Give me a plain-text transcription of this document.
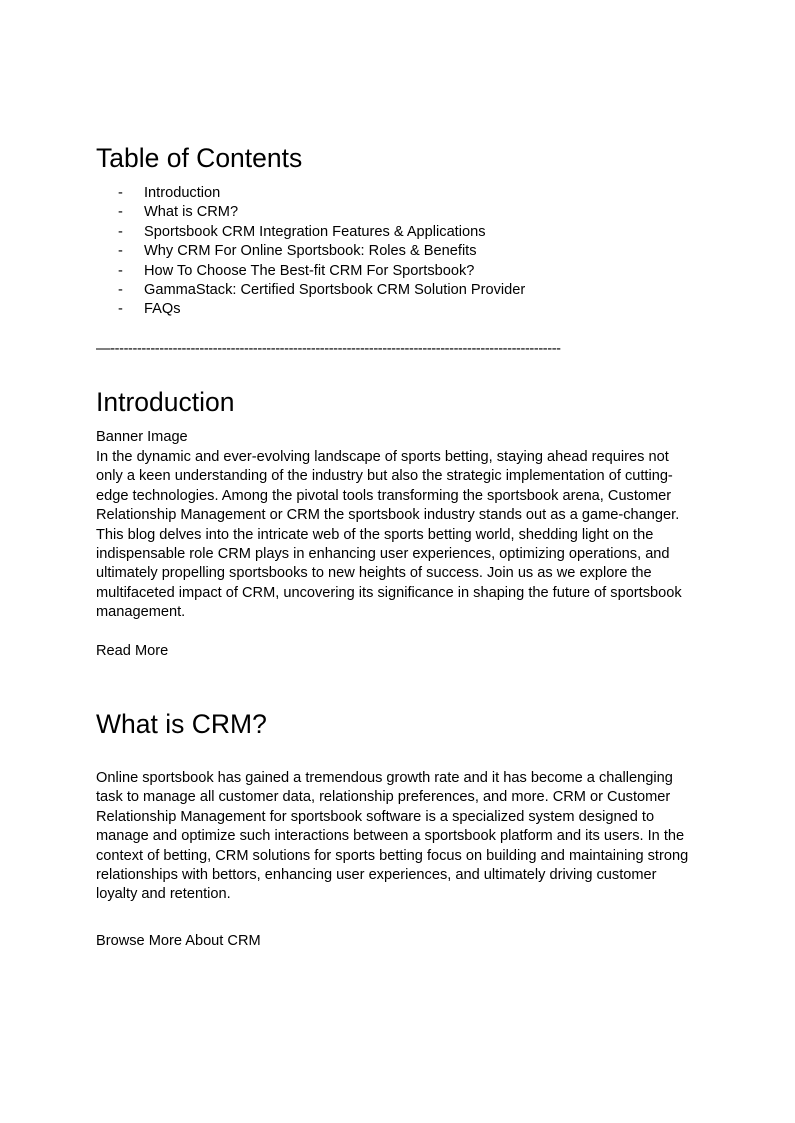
Table of Contents
-	Introduction
-	What is CRM?
-	Sportsbook CRM Integration Features & Applications
-	Why CRM For Online Sportsbook: Roles & Benefits
-	How To Choose The Best-fit CRM For Sportsbook?
-	GammaStack: Certified Sportsbook CRM Solution Provider
-	FAQs
—-----------------------------------------------------------------------------------------------------
Introduction

Banner Image

In the dynamic and ever-evolving landscape of sports betting, staying ahead requires not only a keen understanding of the industry but also the strategic implementation of cutting-edge technologies. Among the pivotal tools transforming the sportsbook arena, Customer Relationship Management or CRM the sportsbook industry stands out as a game-changer. This blog delves into the intricate web of the sports betting world, shedding light on the indispensable role CRM plays in enhancing user experiences, optimizing operations, and ultimately propelling sportsbooks to new heights of success. Join us as we explore the multifaceted impact of CRM, uncovering its significance in shaping the future of sportsbook management.

Read More

What is CRM?

Online sportsbook has gained a tremendous growth rate and it has become a challenging task to manage all customer data, relationship preferences, and more. CRM or Customer Relationship Management for sportsbook software is a specialized system designed to manage and optimize such interactions between a sportsbook platform and its users. In the context of betting, CRM solutions for sports betting focus on building and maintaining strong relationships with bettors, enhancing user experiences, and ultimately driving customer loyalty and retention.

Browse More About CRM
